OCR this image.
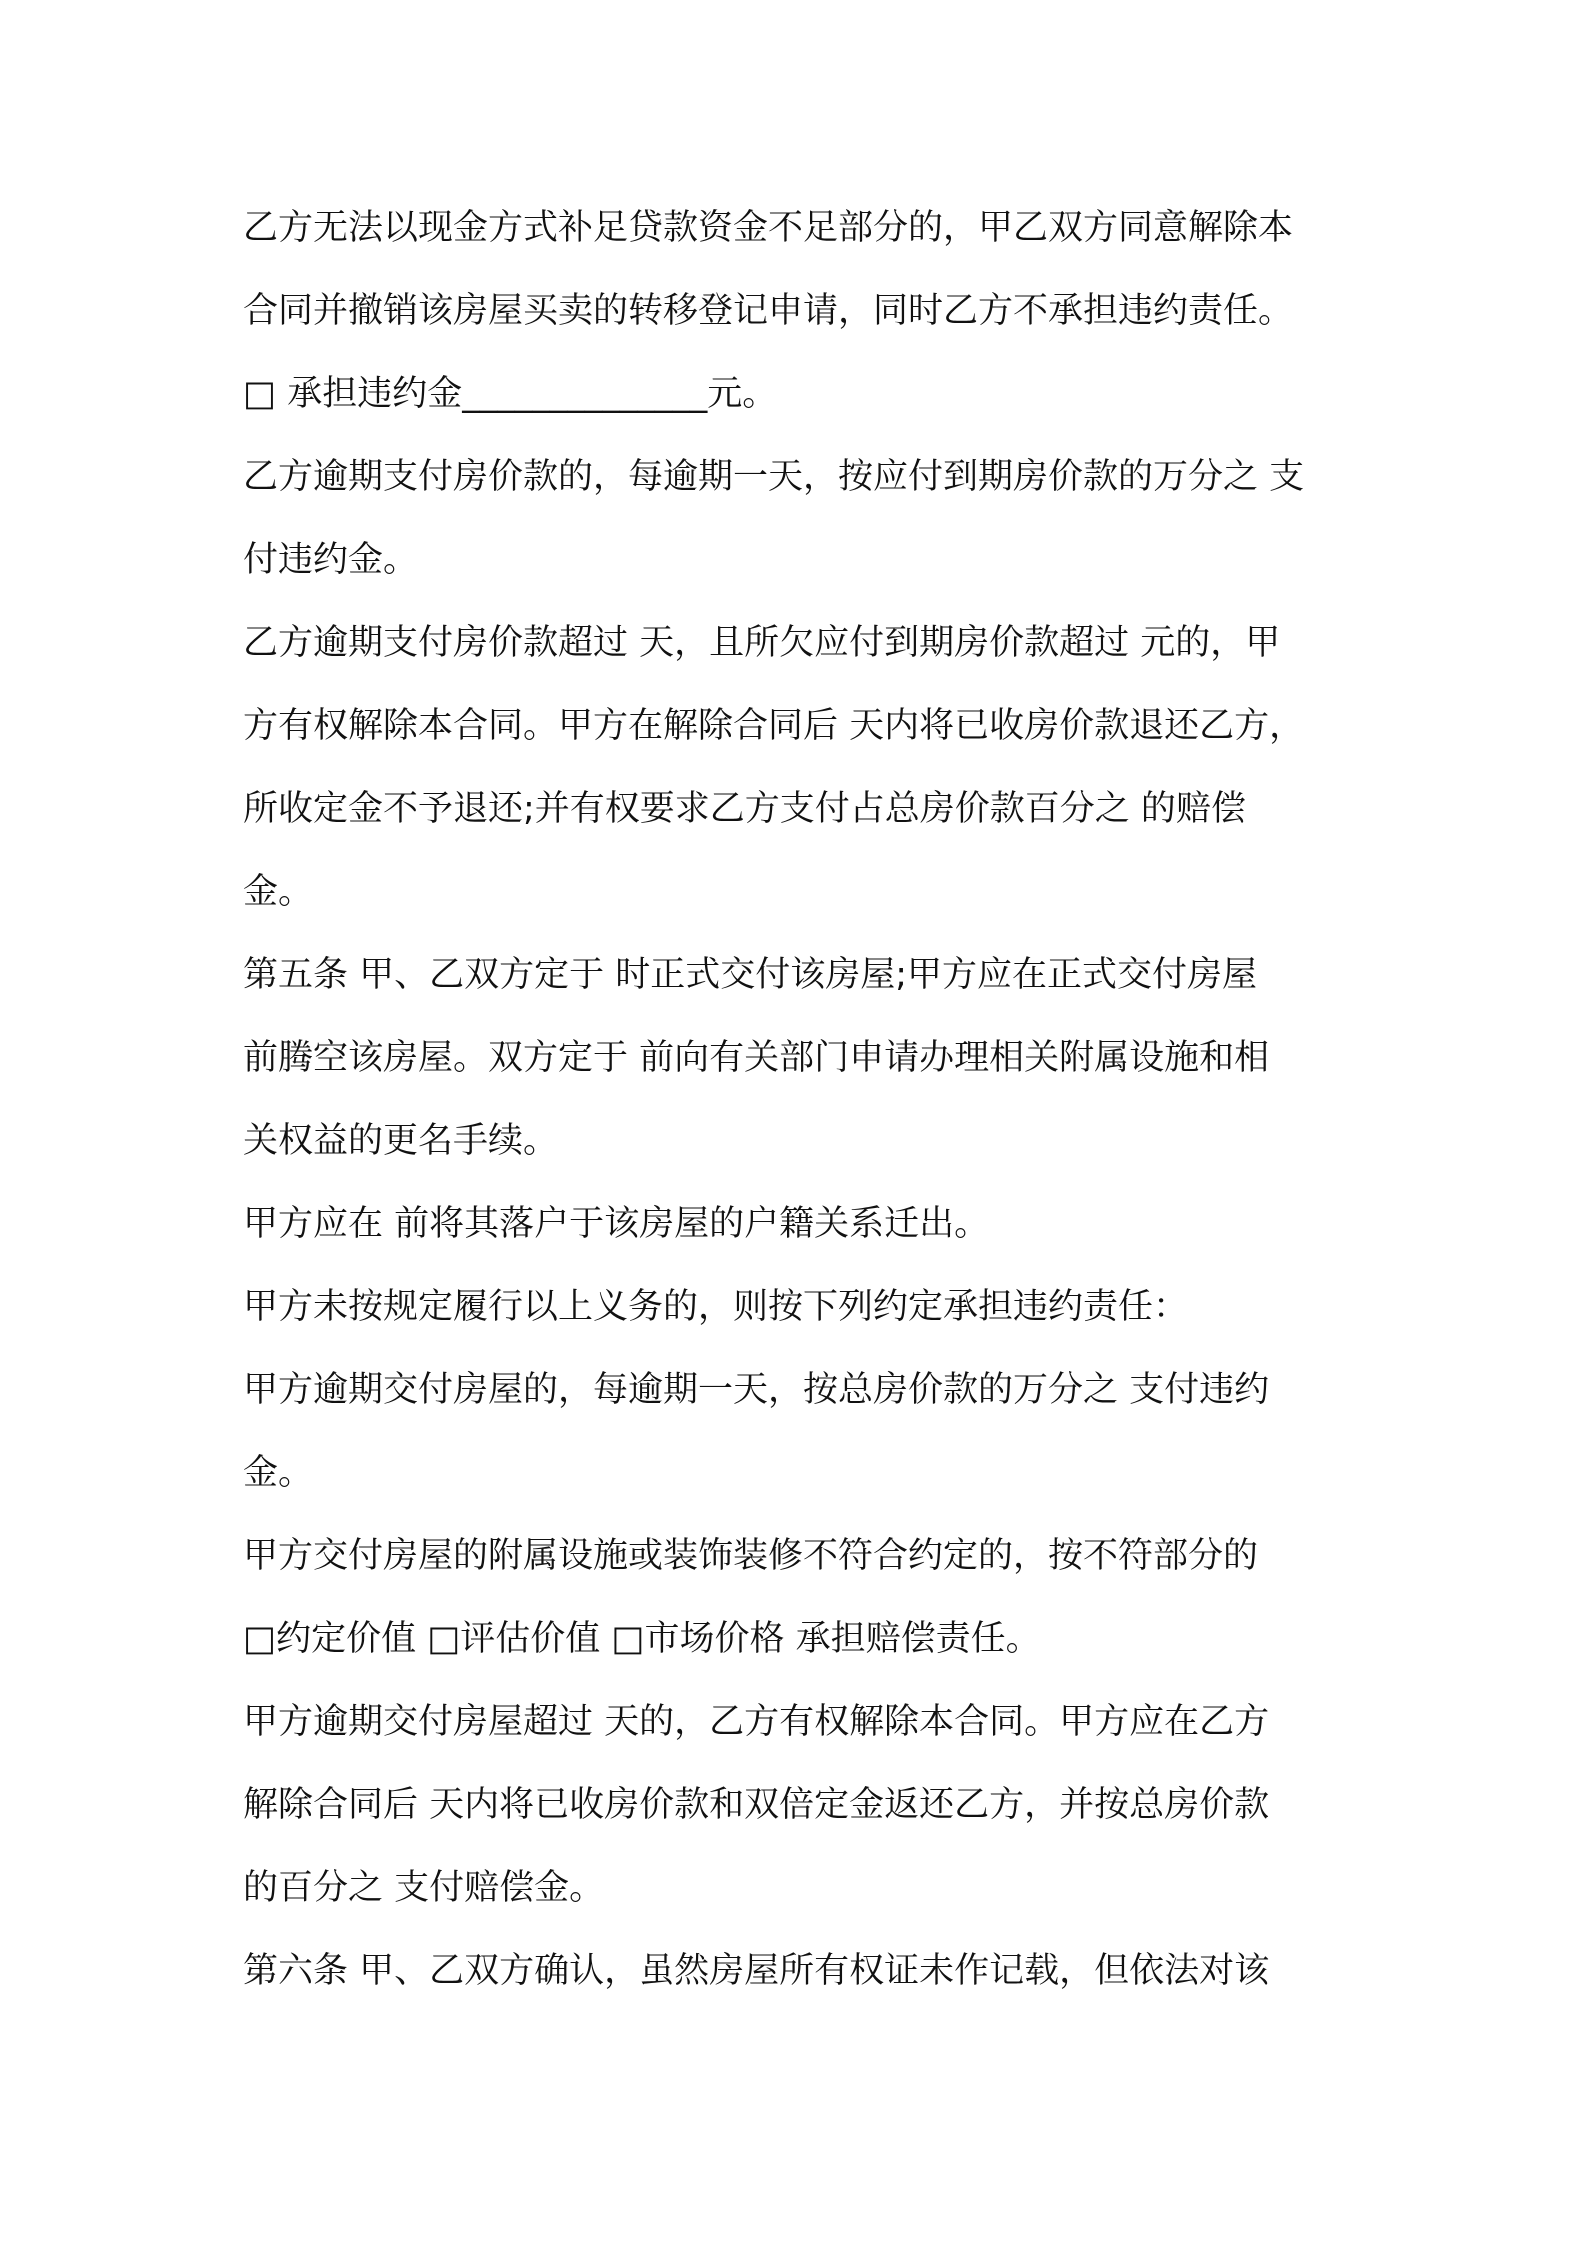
乙方无法以现金方式补足贷款资金不足部分的，甲乙双方同意解除本
合同并撤销该房屋买卖的转移登记申请，同时乙方不承担违约责任。
□ 承担违约金______________元。
乙方逾期支付房价款的，每逾期一天，按应付到期房价款的万分之 支
付违约金。
乙方逾期支付房价款超过 天，且所欠应付到期房价款超过 元的，甲
方有权解除本合同。甲方在解除合同后 天内将已收房价款退还乙方，
所收定金不予退还;并有权要求乙方支付占总房价款百分之 的赔偿
金。
第五条 甲、乙双方定于 时正式交付该房屋;甲方应在正式交付房屋
前腾空该房屋。双方定于 前向有关部门申请办理相关附属设施和相
关权益的更名手续。
甲方应在 前将其落户于该房屋的户籍关系迁出。
甲方未按规定履行以上义务的，则按下列约定承担违约责任：
甲方逾期交付房屋的，每逾期一天，按总房价款的万分之 支付违约
金。
甲方交付房屋的附属设施或装饰装修不符合约定的，按不符部分的
□约定价值 □评估价值 □市场价格 承担赔偿责任。
甲方逾期交付房屋超过 天的，乙方有权解除本合同。甲方应在乙方
解除合同后 天内将已收房价款和双倍定金返还乙方，并按总房价款
的百分之 支付赔偿金。
第六条 甲、乙双方确认，虽然房屋所有权证未作记载，但依法对该
